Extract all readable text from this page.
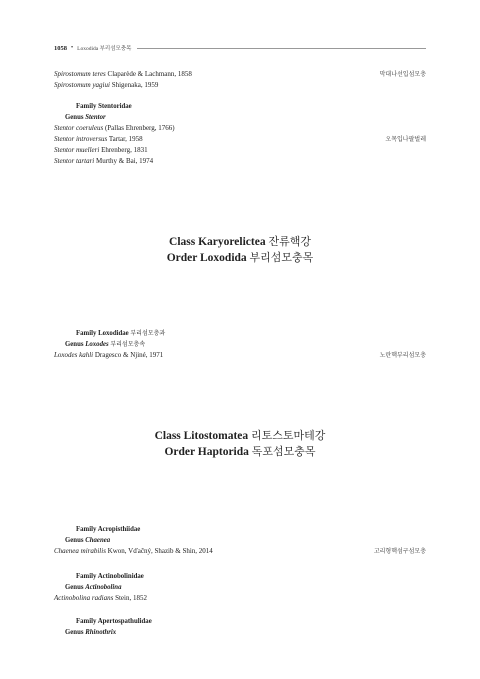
1058 • Loxodida 부리섬모충목
Spirostomum teres Claparède & Lachmann, 1858	막대나선입섬모충
Spirostomum yagiui Shigenaka, 1959
Family Stentoridae
Genus Stentor
Stentor coeruleus (Pallas Ehrenberg, 1766)
Stentor introversus Tartar, 1958	오목입나팔벌레
Stentor muelleri Ehrenberg, 1831
Stentor tartari Murthy & Bai, 1974
Class Karyorelictea 잔류핵강
Order Loxodida 부리섬모충목
Family Loxodidae 부리섬모충과
Genus Loxodes 부리섬모충속
Loxodes kahli Dragesco & Njiné, 1971	노란핵부리섬모충
Class Litostomatea 리토스토마테강
Order Haptorida 독포섬모충목
Family Acropisthiidae
Genus Chaenea
Chaenea mirabilis Kwon, Vďačný, Shazib & Shin, 2014	고리형핵섬구섬모충
Family Actinobolinidae
Genus Actinobolina
Actinobolina radians Stein, 1852
Family Apertospathulidae
Genus Rhinothrix
